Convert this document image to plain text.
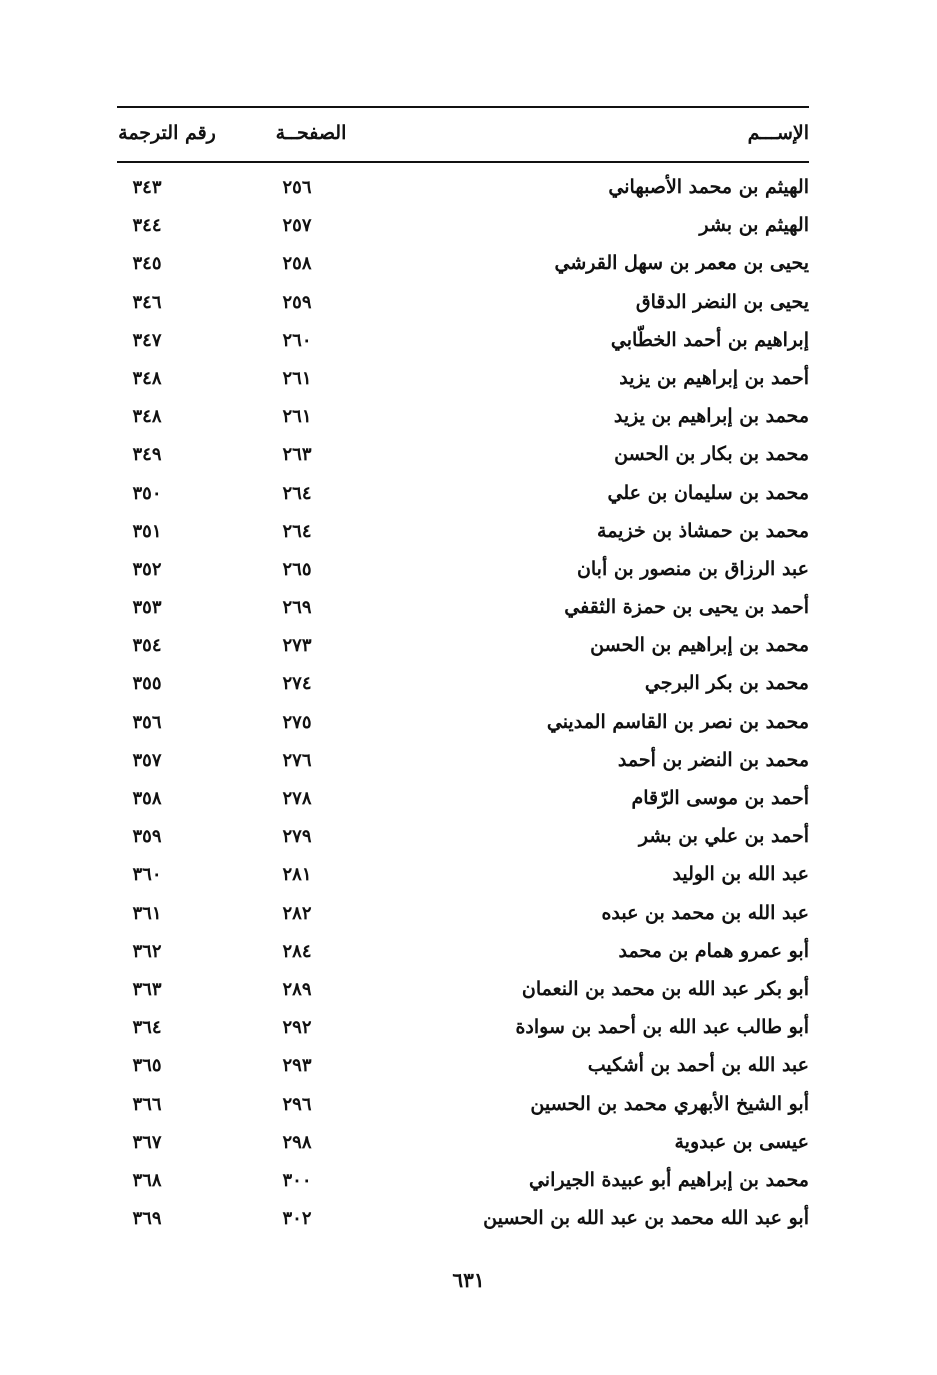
الإســـم
الصفحــة
رقم الترجمة
الهيثم بن محمد الأصبهاني
٢٥٦
٣٤٣
الهيثم بن بشر
٢٥٧
٣٤٤
يحيى بن معمر بن سهل القرشي
٢٥٨
٣٤٥
يحيى بن النضر الدقاق
٢٥٩
٣٤٦
إبراهيم بن أحمد الخطّابي
٢٦٠
٣٤٧
أحمد بن إبراهيم بن يزيد
٢٦١
٣٤٨
محمد بن إبراهيم بن يزيد
٢٦١
٣٤٨
محمد بن بكار بن الحسن
٢٦٣
٣٤٩
محمد بن سليمان بن علي
٢٦٤
٣٥٠
محمد بن حمشاذ بن خزيمة
٢٦٤
٣٥١
عبد الرزاق بن منصور بن أبان
٢٦٥
٣٥٢
أحمد بن يحيى بن حمزة الثقفي
٢٦٩
٣٥٣
محمد بن إبراهيم بن الحسن
٢٧٣
٣٥٤
محمد بن بكر البرجي
٢٧٤
٣٥٥
محمد بن نصر بن القاسم المديني
٢٧٥
٣٥٦
محمد بن النضر بن أحمد
٢٧٦
٣٥٧
أحمد بن موسى الرّقام
٢٧٨
٣٥٨
أحمد بن علي بن بشر
٢٧٩
٣٥٩
عبد الله بن الوليد
٢٨١
٣٦٠
عبد الله بن محمد بن عبده
٢٨٢
٣٦١
أبو عمرو همام بن محمد
٢٨٤
٣٦٢
أبو بكر عبد الله بن محمد بن النعمان
٢٨٩
٣٦٣
أبو طالب عبد الله بن أحمد بن سوادة
٢٩٢
٣٦٤
عبد الله بن أحمد بن أشكيب
٢٩٣
٣٦٥
أبو الشيخ الأبهري محمد بن الحسين
٢٩٦
٣٦٦
عيسى بن عبدوية
٢٩٨
٣٦٧
محمد بن إبراهيم أبو عبيدة الجيراني
٣٠٠
٣٦٨
أبو عبد الله محمد بن عبد الله بن الحسين
٣٠٢
٣٦٩
٦٣١
